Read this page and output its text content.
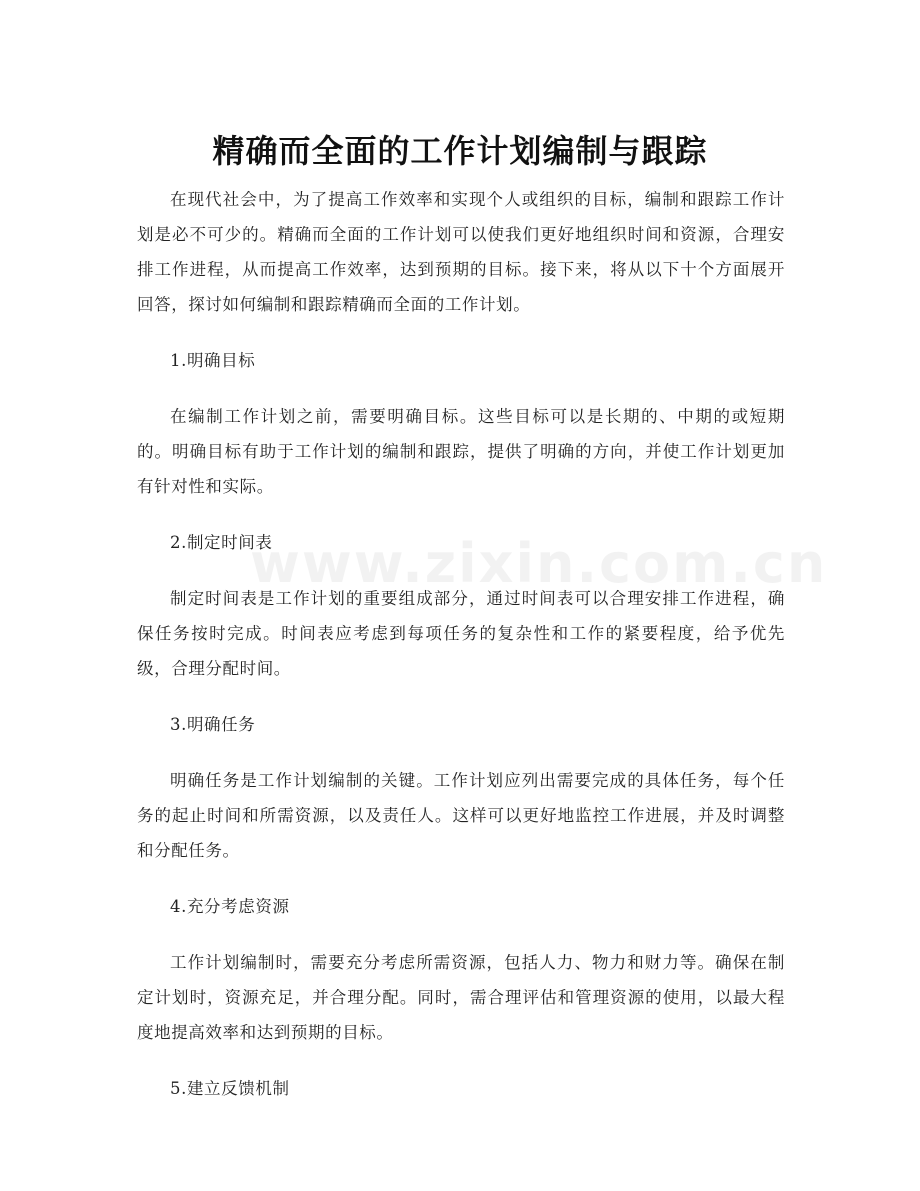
www.zixin.com.cn
精确而全面的工作计划编制与跟踪

在现代社会中，为了提高工作效率和实现个人或组织的目标，编制和跟踪工作计划是必不可少的。精确而全面的工作计划可以使我们更好地组织时间和资源，合理安排工作进程，从而提高工作效率，达到预期的目标。接下来，将从以下十个方面展开回答，探讨如何编制和跟踪精确而全面的工作计划。

1.明确目标

在编制工作计划之前，需要明确目标。这些目标可以是长期的、中期的或短期的。明确目标有助于工作计划的编制和跟踪，提供了明确的方向，并使工作计划更加有针对性和实际。

2.制定时间表

制定时间表是工作计划的重要组成部分，通过时间表可以合理安排工作进程，确保任务按时完成。时间表应考虑到每项任务的复杂性和工作的紧要程度，给予优先级，合理分配时间。

3.明确任务

明确任务是工作计划编制的关键。工作计划应列出需要完成的具体任务，每个任务的起止时间和所需资源，以及责任人。这样可以更好地监控工作进展，并及时调整和分配任务。

4.充分考虑资源

工作计划编制时，需要充分考虑所需资源，包括人力、物力和财力等。确保在制定计划时，资源充足，并合理分配。同时，需合理评估和管理资源的使用，以最大程度地提高效率和达到预期的目标。

5.建立反馈机制
